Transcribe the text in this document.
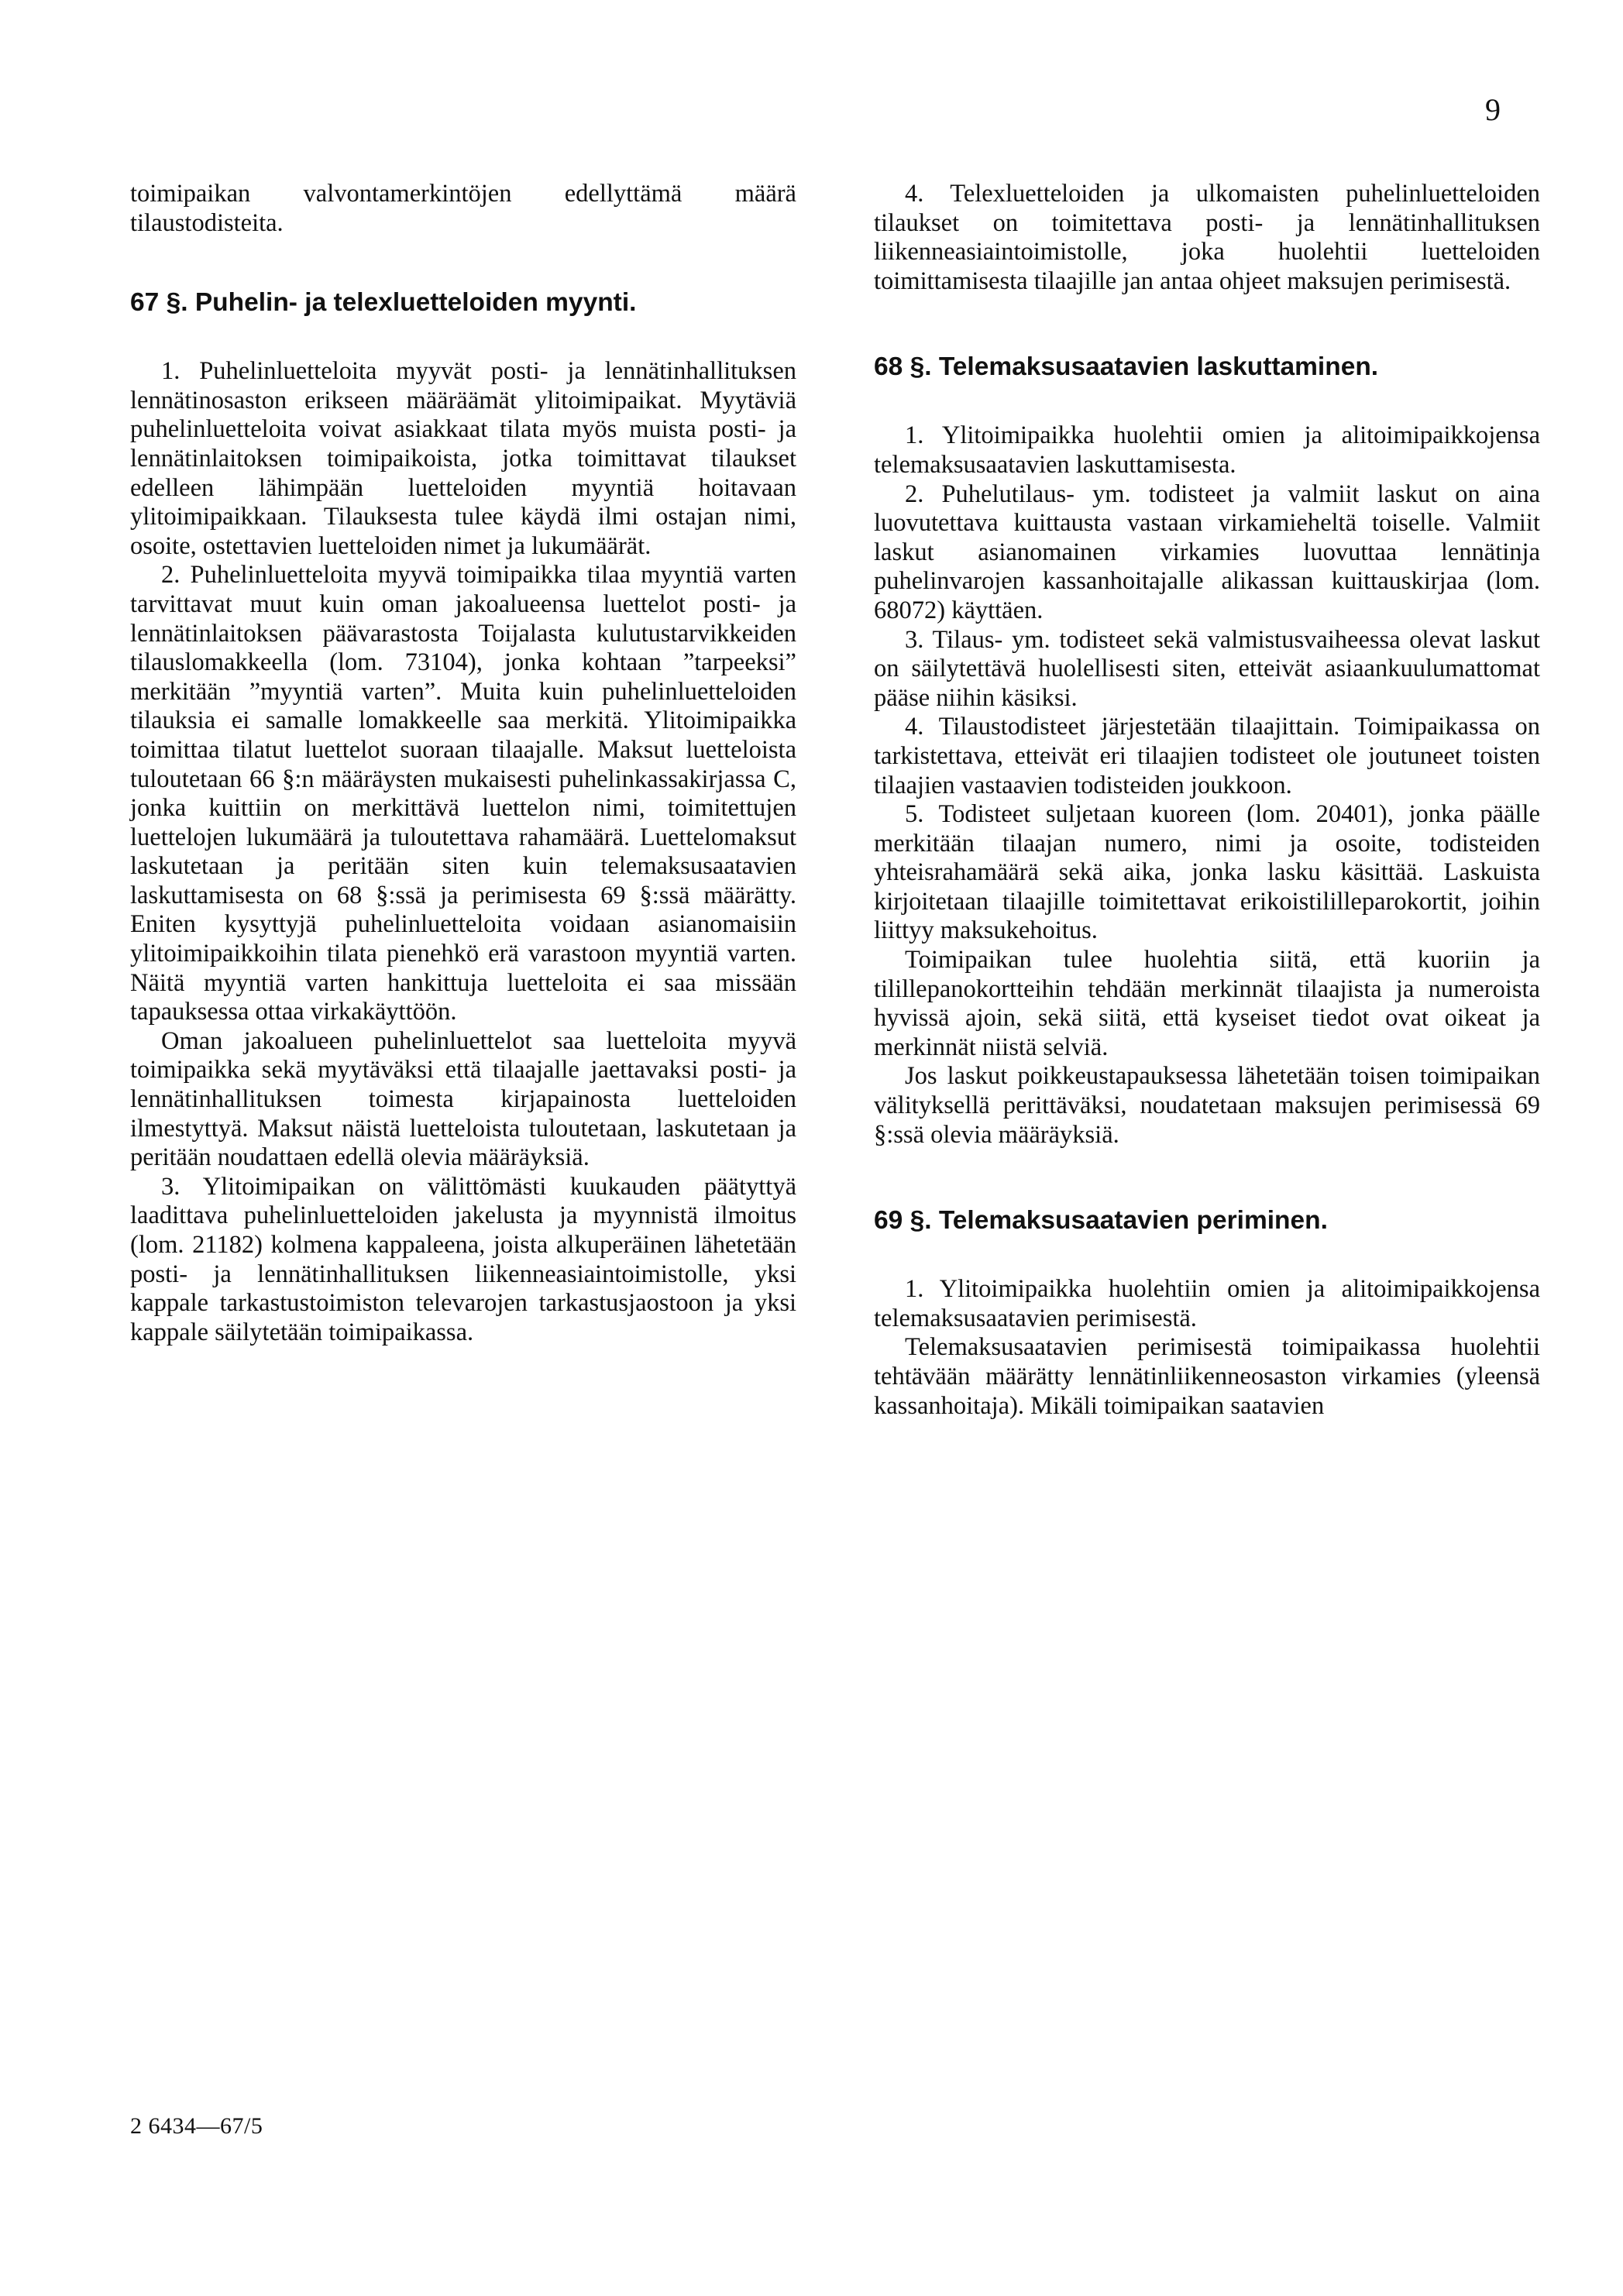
9

toimipaikan valvontamerkintöjen edellyttämä määrä tilaustodisteita.

67 §. Puhelin- ja telexluetteloiden myynti.

1. Puhelinluetteloita myyvät posti- ja lennätinhallituksen lennätinosaston erikseen määräämät ylitoimipaikat. Myytäviä puhelinluetteloita voivat asiakkaat tilata myös muista posti- ja lennätinlaitoksen toimipaikoista, jotka toimittavat tilaukset edelleen lähimpään luetteloiden myyntiä hoitavaan ylitoimipaikkaan. Tilauksesta tulee käydä ilmi ostajan nimi, osoite, ostettavien luetteloiden nimet ja lukumäärät.

2. Puhelinluetteloita myyvä toimipaikka tilaa myyntiä varten tarvittavat muut kuin oman jakoalueensa luettelot posti- ja lennätinlaitoksen päävarastosta Toijalasta kulutustarvikkeiden tilauslomakkeella (lom. 73104), jonka kohtaan ”tarpeeksi” merkitään ”myyntiä varten”. Muita kuin puhelinluetteloiden tilauksia ei samalle lomakkeelle saa merkitä. Ylitoimipaikka toimittaa tilatut luettelot suoraan tilaajalle. Maksut luetteloista tuloutetaan 66 §:n määräysten mukaisesti puhelinkassakirjassa C, jonka kuittiin on merkittävä luettelon nimi, toimitettujen luettelojen lukumäärä ja tuloutettava rahamäärä. Luettelomaksut laskutetaan ja peritään siten kuin telemaksusaatavien laskuttamisesta on 68 §:ssä ja perimisesta 69 §:ssä määrätty. Eniten kysyttyjä puhelinluetteloita voidaan asianomaisiin ylitoimipaikkoihin tilata pienehkö erä varastoon myyntiä varten. Näitä myyntiä varten hankittuja luetteloita ei saa missään tapauksessa ottaa virkakäyttöön.

Oman jakoalueen puhelinluettelot saa luetteloita myyvä toimipaikka sekä myytäväksi että tilaajalle jaettavaksi posti- ja lennätinhallituksen toimesta kirjapainosta luetteloiden ilmestyttyä. Maksut näistä luetteloista tuloutetaan, laskutetaan ja peritään noudattaen edellä olevia määräyksiä.

3. Ylitoimipaikan on välittömästi kuukauden päätyttyä laadittava puhelinluetteloiden jakelusta ja myynnistä ilmoitus (lom. 21182) kolmena kappaleena, joista alkuperäinen lähetetään posti- ja lennätinhallituksen liikenneasiaintoimistolle, yksi kappale tarkastustoimiston televarojen tarkastusjaostoon ja yksi kappale säilytetään toimipaikassa.

4. Telexluetteloiden ja ulkomaisten puhelinluetteloiden tilaukset on toimitettava posti- ja lennätinhallituksen liikenneasiaintoimistolle, joka huolehtii luetteloiden toimittamisesta tilaajille jan antaa ohjeet maksujen perimisestä.

68 §. Telemaksusaatavien laskuttaminen.

1. Ylitoimipaikka huolehtii omien ja alitoimipaikkojensa telemaksusaatavien laskuttamisesta.

2. Puhelutilaus- ym. todisteet ja valmiit laskut on aina luovutettava kuittausta vastaan virkamieheltä toiselle. Valmiit laskut asianomainen virkamies luovuttaa lennätinja puhelinvarojen kassanhoitajalle alikassan kuittauskirjaa (lom. 68072) käyttäen.

3. Tilaus- ym. todisteet sekä valmistusvaiheessa olevat laskut on säilytettävä huolellisesti siten, etteivät asiaankuulumattomat pääse niihin käsiksi.

4. Tilaustodisteet järjestetään tilaajittain. Toimipaikassa on tarkistettava, etteivät eri tilaajien todisteet ole joutuneet toisten tilaajien vastaavien todisteiden joukkoon.

5. Todisteet suljetaan kuoreen (lom. 20401), jonka päälle merkitään tilaajan numero, nimi ja osoite, todisteiden yhteisrahamäärä sekä aika, jonka lasku käsittää. Laskuista kirjoitetaan tilaajille toimitettavat erikoistililleparokortit, joihin liittyy maksukehoitus.

Toimipaikan tulee huolehtia siitä, että kuoriin ja tilillepanokortteihin tehdään merkinnät tilaajista ja numeroista hyvissä ajoin, sekä siitä, että kyseiset tiedot ovat oikeat ja merkinnät niistä selviä.

Jos laskut poikkeustapauksessa lähetetään toisen toimipaikan välityksellä perittäväksi, noudatetaan maksujen perimisessä 69 §:ssä olevia määräyksiä.

69 §. Telemaksusaatavien periminen.

1. Ylitoimipaikka huolehtiin omien ja alitoimipaikkojensa telemaksusaatavien perimisestä.

Telemaksusaatavien perimisestä toimipaikassa huolehtii tehtävään määrätty lennätinliikenneosaston virkamies (yleensä kassanhoitaja). Mikäli toimipaikan saatavien

2 6434—67/5
